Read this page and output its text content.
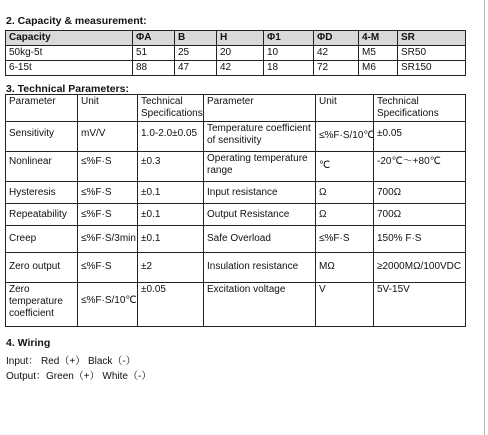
2. Capacity & measurement:
Capacity	ΦA	B	H	Φ1	ΦD	4-M	SR
50kg-5t	51	25	20	10	42	M5	SR50
6-15t	88	47	42	18	72	M6	SR150
3. Technical Parameters:
Parameter	Unit	Technical Specifications	Parameter	Unit	Technical Specifications
Sensitivity	mV/V	1.0-2.0±0.05	Temperature coefficient of sensitivity	≤%F·S/10℃	±0.05
Nonlinear	≤%F·S	±0.3	Operating temperature range	℃	-20℃～+80℃
Hysteresis	≤%F·S	±0.1	Input resistance	Ω	700Ω
Repeatability	≤%F·S	±0.1	Output Resistance	Ω	700Ω
Creep	≤%F·S/3min	±0.1	Safe Overload	≤%F·S	150% F·S
Zero output	≤%F·S	±2	Insulation resistance	MΩ	≥2000MΩ/100VDC
Zero temperature coefficient	≤%F·S/10℃	±0.05	Excitation voltage	V	5V-15V
4. Wiring
Input： Red（+） Black（-）
Output：Green（+） White（-）
